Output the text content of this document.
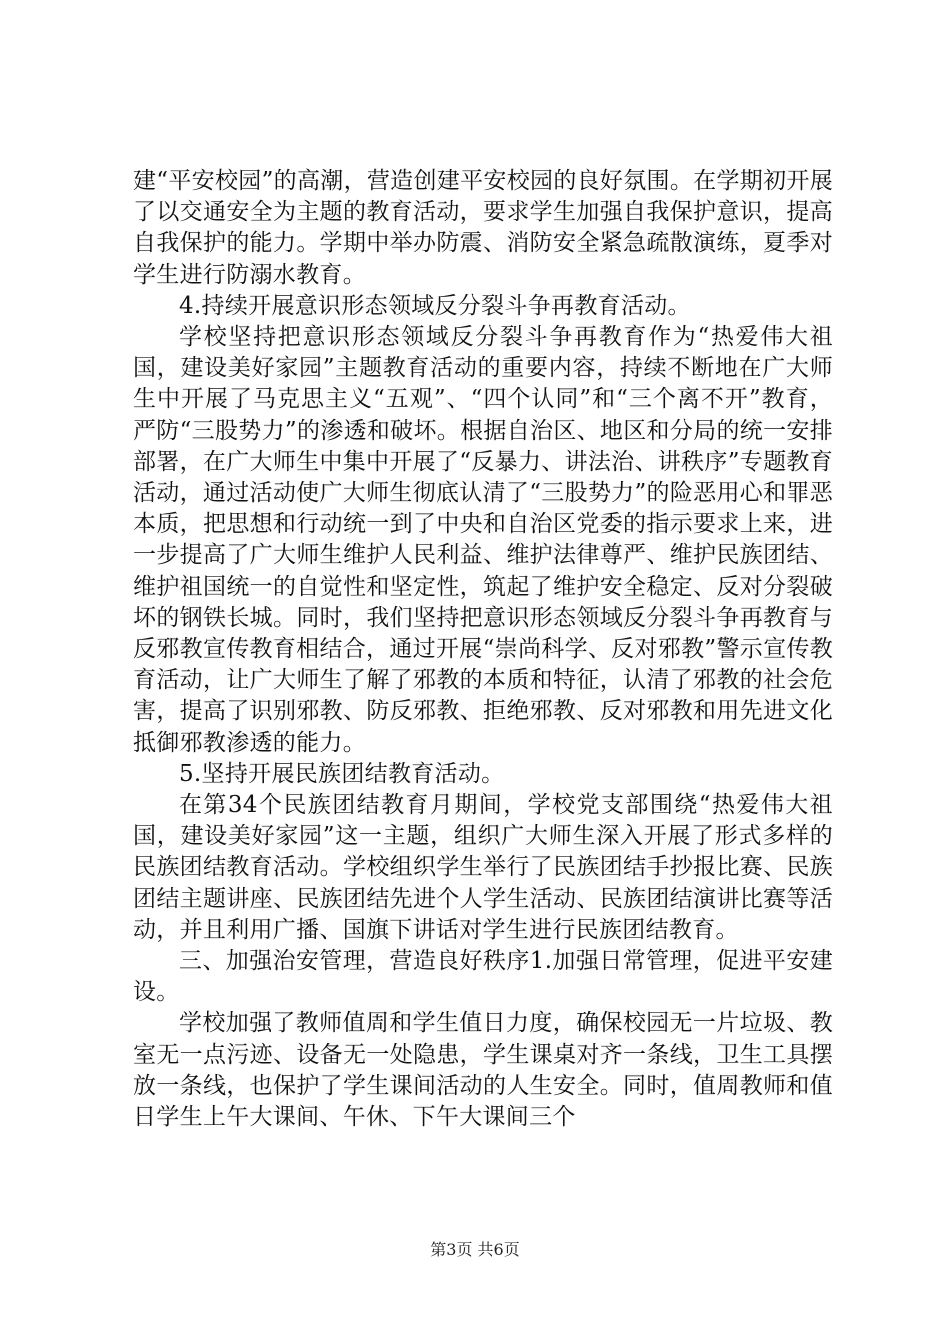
建“平安校园”的高潮，营造创建平安校园的良好氛围。在学期初开展了以交通安全为主题的教育活动，要求学生加强自我保护意识，提高自我保护的能力。学期中举办防震、消防安全紧急疏散演练，夏季对学生进行防溺水教育。

4.持续开展意识形态领域反分裂斗争再教育活动。

学校坚持把意识形态领域反分裂斗争再教育作为“热爱伟大祖国，建设美好家园”主题教育活动的重要内容，持续不断地在广大师生中开展了马克思主义“五观”、“四个认同”和“三个离不开”教育，严防“三股势力”的渗透和破坏。根据自治区、地区和分局的统一安排部署，在广大师生中集中开展了“反暴力、讲法治、讲秩序”专题教育活动，通过活动使广大师生彻底认清了“三股势力”的险恶用心和罪恶本质，把思想和行动统一到了中央和自治区党委的指示要求上来，进一步提高了广大师生维护人民利益、维护法律尊严、维护民族团结、维护祖国统一的自觉性和坚定性，筑起了维护安全稳定、反对分裂破坏的钢铁长城。同时，我们坚持把意识形态领域反分裂斗争再教育与反邪教宣传教育相结合，通过开展“崇尚科学、反对邪教”警示宣传教育活动，让广大师生了解了邪教的本质和特征，认清了邪教的社会危害，提高了识别邪教、防反邪教、拒绝邪教、反对邪教和用先进文化抵御邪教渗透的能力。

5.坚持开展民族团结教育活动。

在第34个民族团结教育月期间，学校党支部围绕“热爱伟大祖国，建设美好家园”这一主题，组织广大师生深入开展了形式多样的民族团结教育活动。学校组织学生举行了民族团结手抄报比赛、民族团结主题讲座、民族团结先进个人学生活动、民族团结演讲比赛等活动，并且利用广播、国旗下讲话对学生进行民族团结教育。

三、加强治安管理，营造良好秩序1.加强日常管理，促进平安建设。

学校加强了教师值周和学生值日力度，确保校园无一片垃圾、教室无一点污迹、设备无一处隐患，学生课桌对齐一条线，卫生工具摆放一条线，也保护了学生课间活动的人生安全。同时，值周教师和值日学生上午大课间、午休、下午大课间三个

第3页 共6页
